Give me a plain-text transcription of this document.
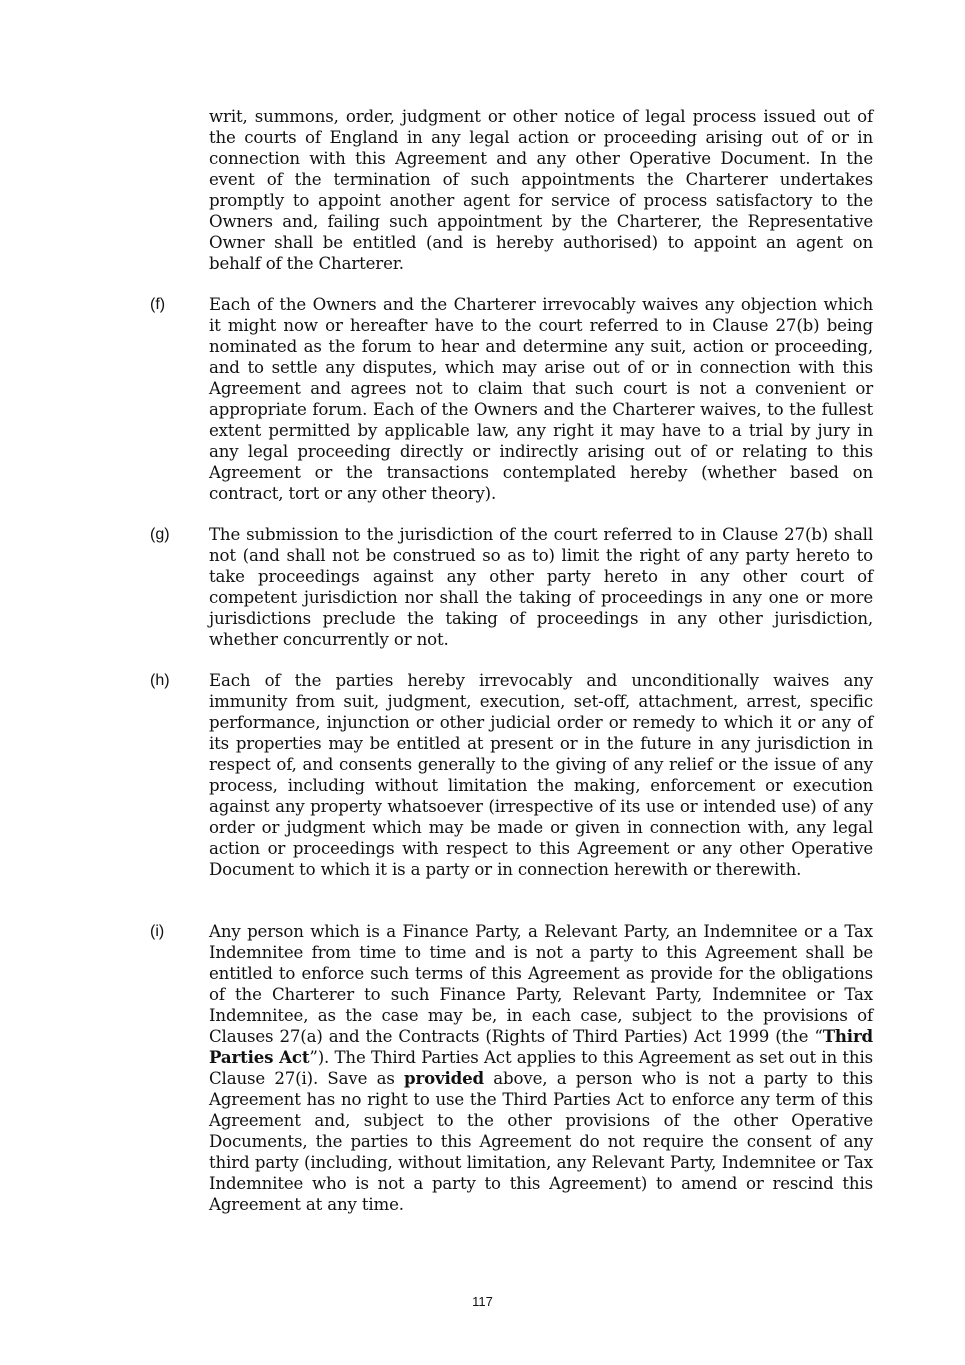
writ, summons, order, judgment or other notice of legal process issued out of the courts of England in any legal action or proceeding arising out of or in connection with this Agreement and any other Operative Document. In the event of the termination of such appointments the Charterer undertakes promptly to appoint another agent for service of process satisfactory to the Owners and, failing such appointment by the Charterer, the Representative Owner shall be entitled (and is hereby authorised) to appoint an agent on behalf of the Charterer.

(f)	Each of the Owners and the Charterer irrevocably waives any objection which it might now or hereafter have to the court referred to in Clause 27(b) being nominated as the forum to hear and determine any suit, action or proceeding, and to settle any disputes, which may arise out of or in connection with this Agreement and agrees not to claim that such court is not a convenient or appropriate forum. Each of the Owners and the Charterer waives, to the fullest extent permitted by applicable law, any right it may have to a trial by jury in any legal proceeding directly or indirectly arising out of or relating to this Agreement or the transactions contemplated hereby (whether based on contract, tort or any other theory).

(g) The submission to the jurisdiction of the court referred to in Clause 27(b) shall not (and shall not be construed so as to) limit the right of any party hereto to take proceedings against any other party hereto in any other court of competent jurisdiction nor shall the taking of proceedings in any one or more jurisdictions preclude the taking of proceedings in any other jurisdiction, whether concurrently or not.

(h) Each of the parties hereby irrevocably and unconditionally waives any immunity from suit, judgment, execution, set-off, attachment, arrest, specific performance, injunction or other judicial order or remedy to which it or any of its properties may be entitled at present or in the future in any jurisdiction in respect of, and consents generally to the giving of any relief or the issue of any process, including without limitation the making, enforcement or execution against any property whatsoever (irrespective of its use or intended use) of any order or judgment which may be made or given in connection with, any legal action or proceedings with respect to this Agreement or any other Operative Document to which it is a party or in connection herewith or therewith.

(i)	Any person which is a Finance Party, a Relevant Party, an Indemnitee or a Tax Indemnitee from time to time and is not a party to this Agreement shall be entitled to enforce such terms of this Agreement as provide for the obligations of the Charterer to such Finance Party, Relevant Party, Indemnitee or Tax Indemnitee, as the case may be, in each case, subject to the provisions of Clauses 27(a) and the Contracts (Rights of Third Parties) Act 1999 (the “Third Parties Act”). The Third Parties Act applies to this Agreement as set out in this Clause 27(i). Save as provided above, a person who is not a party to this Agreement has no right to use the Third Parties Act to enforce any term of this Agreement and, subject to the other provisions of the other Operative Documents, the parties to this Agreement do not require the consent of any third party (including, without limitation, any Relevant Party, Indemnitee or Tax Indemnitee who is not a party to this Agreement) to amend or rescind this Agreement at any time.

117
